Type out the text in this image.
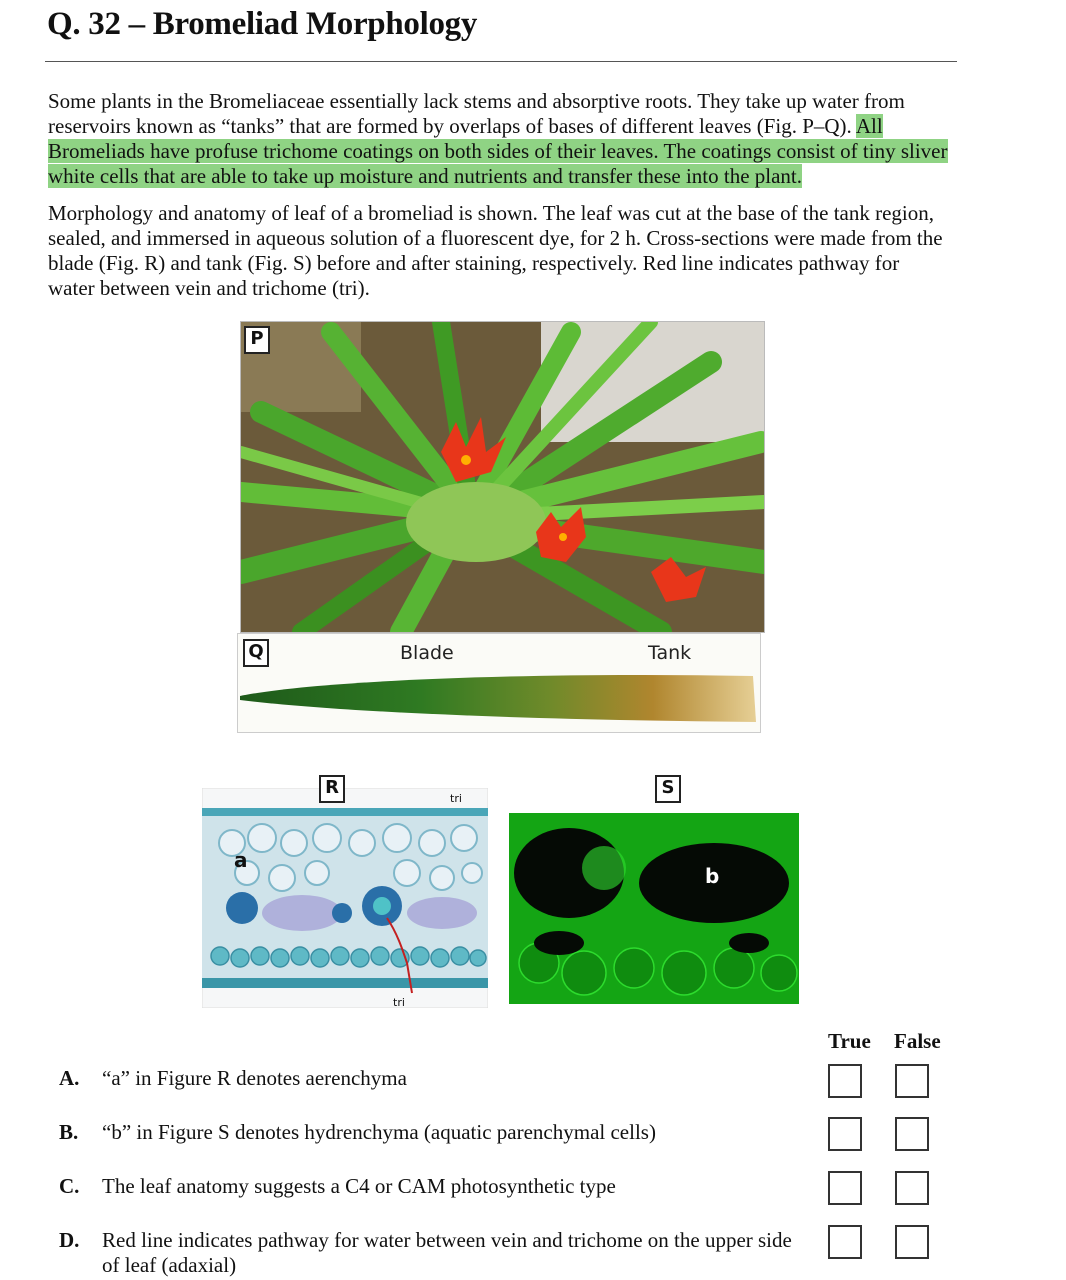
Q. 32 – Bromeliad Morphology
Some plants in the Bromeliaceae essentially lack stems and absorptive roots. They take up water from reservoirs known as “tanks” that are formed by overlaps of bases of different leaves (Fig. P–Q). All Bromeliads have profuse trichome coatings on both sides of their leaves. The coatings consist of tiny sliver white cells that are able to take up moisture and nutrients and transfer these into the plant.
Morphology and anatomy of leaf of a bromeliad is shown. The leaf was cut at the base of the tank region, sealed, and immersed in aqueous solution of a fluorescent dye, for 2 h. Cross-sections were made from the blade (Fig. R) and tank (Fig. S) before and after staining, respectively. Red line indicates pathway for water between vein and trichome (tri).
P
Q	Blade	Tank
R
tri
tri
a
S
b
True False
A. “a” in Figure R denotes aerenchyma
B. “b” in Figure S denotes hydrenchyma (aquatic parenchymal cells)
C. The leaf anatomy suggests a C4 or CAM photosynthetic type
D. Red line indicates pathway for water between vein and trichome on the upper side of leaf (adaxial)
